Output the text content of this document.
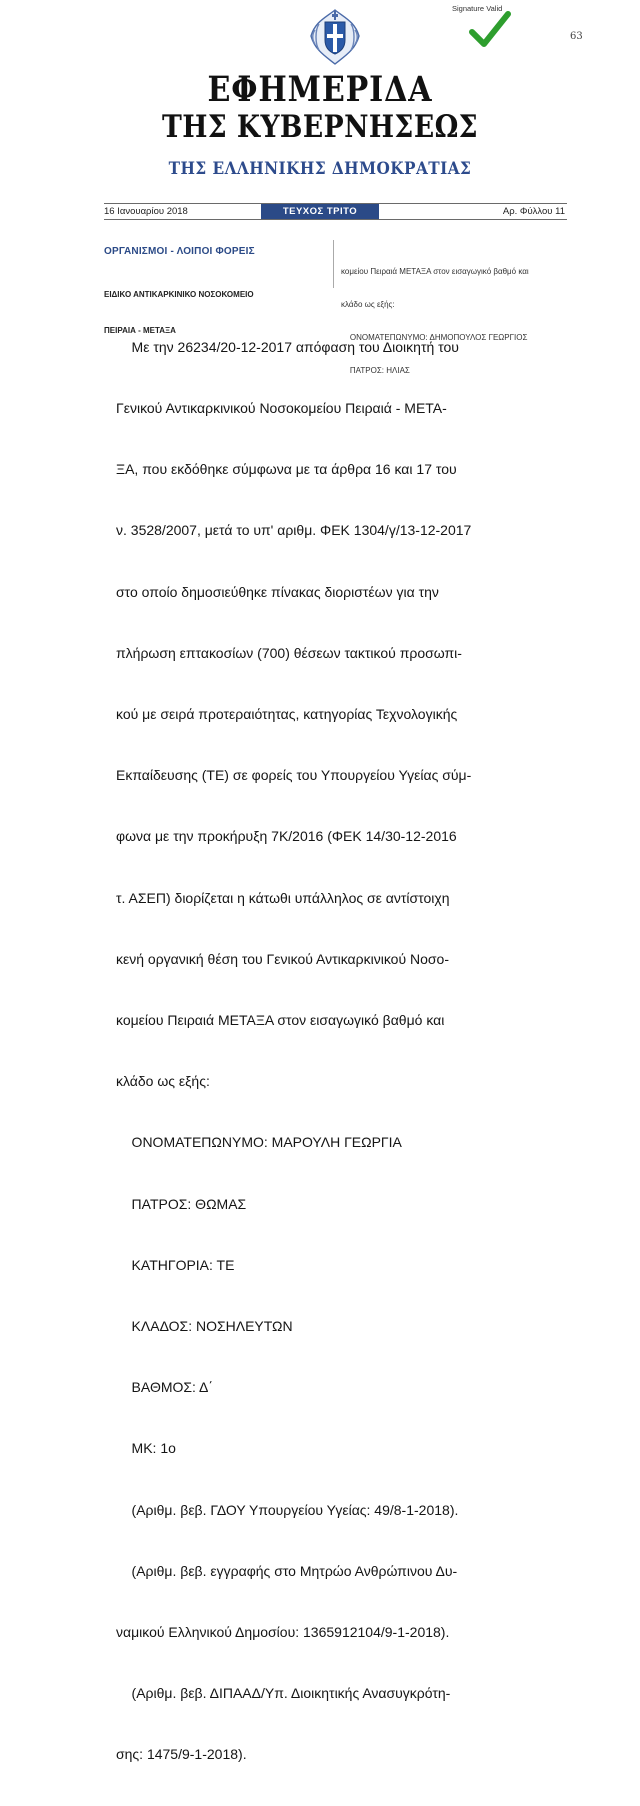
Signature Valid
63
ΕΦΗΜΕΡΙΔΑ
ΤΗΣ ΚΥΒΕΡΝΗΣΕΩΣ
ΤΗΣ ΕΛΛΗΝΙΚΗΣ ΔΗΜΟΚΡΑΤΙΑΣ
16 Ιανουαρίου 2018	ΤΕΥΧΟΣ ΤΡΙΤΟ	Αρ. Φύλλου 11
ΟΡΓΑΝΙΣΜΟΙ - ΛΟΙΠΟΙ ΦΟΡΕΙΣ

ΕΙΔΙΚΟ ΑΝΤΙΚΑΡΚΙΝΙΚΟ ΝΟΣΟΚΟΜΕΙΟ

ΠΕΙΡΑΙΑ - ΜΕΤΑΞΑ

κομείου Πειραιά ΜΕΤΑΞΑ στον εισαγωγικό βαθμό και

κλάδο ως εξής:

ΟΝΟΜΑΤΕΠΩΝΥΜΟ: ΔΗΜΟΠΟΥΛΟΣ ΓΕΩΡΓΙΟΣ

ΠΑΤΡΟΣ: ΗΛΙΑΣ

Με την 26234/20-12-2017 απόφαση του Διοικητή του

Γενικού Αντικαρκινικού Νοσοκομείου Πειραιά - ΜΕΤΑ-

ΞΑ, που εκδόθηκε σύμφωνα με τα άρθρα 16 και 17 του

ν. 3528/2007, μετά το υπ' αριθμ. ΦΕΚ 1304/γ/13-12-2017

στο οποίο δημοσιεύθηκε πίνακας διοριστέων για την

πλήρωση επτακοσίων (700) θέσεων τακτικού προσωπι-

κού με σειρά προτεραιότητας, κατηγορίας Τεχνολογικής

Εκπαίδευσης (ΤΕ) σε φορείς του Υπουργείου Υγείας σύμ-

φωνα με την προκήρυξη 7Κ/2016 (ΦΕΚ 14/30-12-2016

τ. ΑΣΕΠ) διορίζεται η κάτωθι υπάλληλος σε αντίστοιχη

κενή οργανική θέση του Γενικού Αντικαρκινικού Νοσο-

κομείου Πειραιά ΜΕΤΑΞΑ στον εισαγωγικό βαθμό και

κλάδο ως εξής:

ΟΝΟΜΑΤΕΠΩΝΥΜΟ: ΜΑΡΟΥΛΗ ΓΕΩΡΓΙΑ

ΠΑΤΡΟΣ: ΘΩΜΑΣ

ΚΑΤΗΓΟΡΙΑ: ΤΕ

ΚΛΑΔΟΣ: ΝΟΣΗΛΕΥΤΩΝ

ΒΑΘΜΟΣ: Δ΄

ΜΚ: 1ο

(Αριθμ. βεβ. ΓΔΟΥ Υπουργείου Υγείας: 49/8-1-2018).

(Αριθμ. βεβ. εγγραφής στο Μητρώο Ανθρώπινου Δυ-

ναμικού Ελληνικού Δημοσίου: 1365912104/9-1-2018).

(Αριθμ. βεβ. ΔΙΠΑΑΔ/Υπ. Διοικητικής Ανασυγκρότη-

σης: 1475/9-1-2018).
